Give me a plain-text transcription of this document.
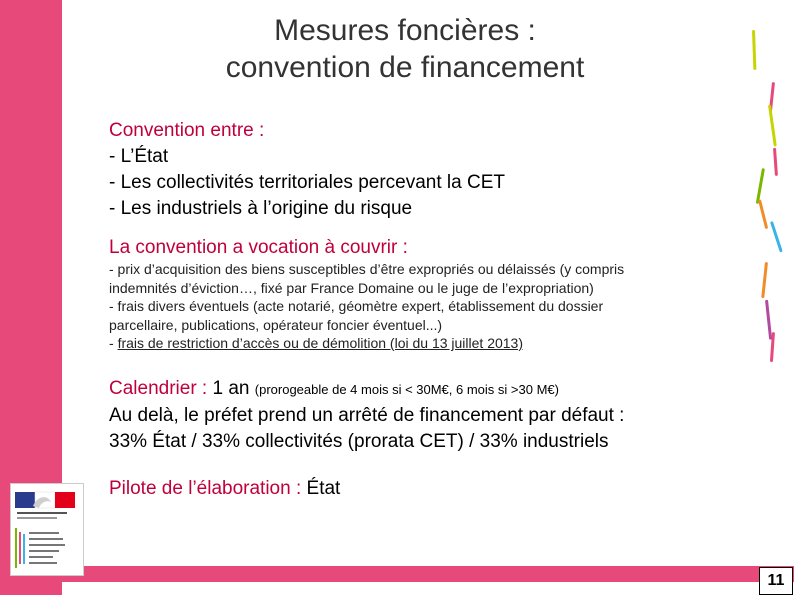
Mesures foncières :
convention de financement
Convention entre :
- L’État
- Les collectivités territoriales percevant la CET
- Les industriels à l’origine du risque
La convention a vocation à couvrir :
- prix d’acquisition des biens susceptibles d’être expropriés ou délaissés (y compris
indemnités d’éviction…, fixé par France Domaine ou le juge de l’expropriation)
- frais divers éventuels (acte notarié, géomètre expert, établissement du dossier
parcellaire, publications, opérateur foncier éventuel...)
- frais de restriction d’accès ou de démolition (loi du 13 juillet 2013)
Calendrier : 1 an (prorogeable de 4 mois si < 30M€, 6 mois si >30 M€)
Au delà, le préfet prend un arrêté de financement par défaut :
33% État / 33% collectivités (prorata CET) / 33% industriels
Pilote de l’élaboration : État
11
